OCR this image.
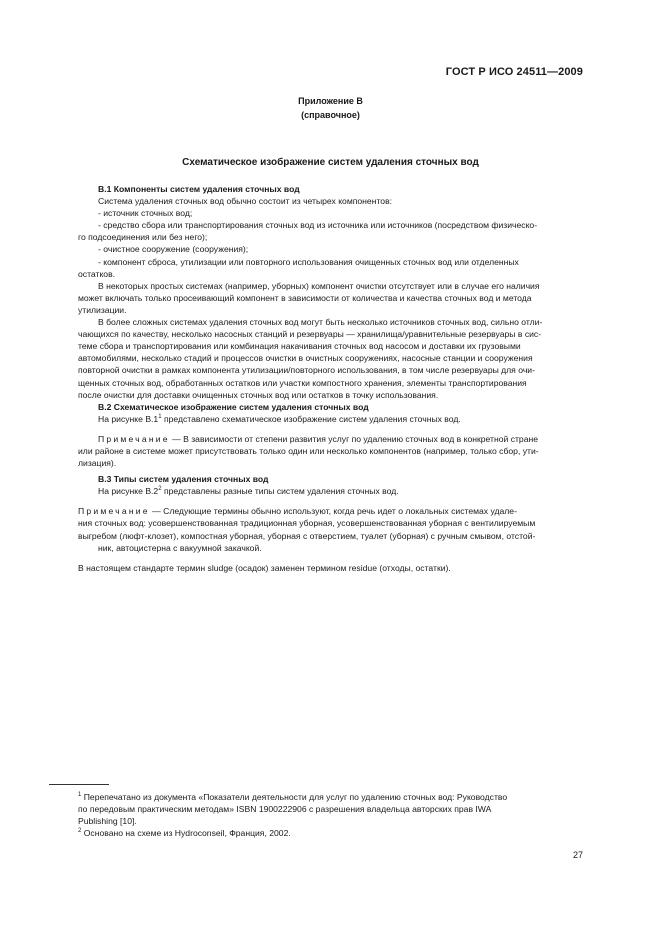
ГОСТ Р ИСО 24511—2009
Приложение В
(справочное)
Схематическое изображение систем удаления сточных вод

В.1 Компоненты систем удаления сточных вод

Система удаления сточных вод обычно состоит из четырех компонентов:

- источник сточных вод;

- средство сбора или транспортирования сточных вод из источника или источников (посредством физическо-

го подсоединения или без него);

- очистное сооружение (сооружения);

- компонент сброса, утилизации или повторного использования очищенных сточных вод или отделенных

остатков.

В некоторых простых системах (например, уборных) компонент очистки отсутствует или в случае его наличия

может включать только просеивающий компонент в зависимости от количества и качества сточных вод и метода

утилизации.

В более сложных системах удаления сточных вод могут быть несколько источников сточных вод, сильно отли-

чающихся по качеству, несколько насосных станций и резервуары — хранилища/уравнительные резервуары в сис-

теме сбора и транспортирования или комбинация накачивания сточных вод насосом и доставки их грузовыми

автомобилями, несколько стадий и процессов очистки в очистных сооружениях, насосные станции и сооружения

повторной очистки в рамках компонента утилизации/повторного использования, в том числе резервуары для очи-

щенных сточных вод, обработанных остатков или участки компостного хранения, элементы транспортирования

после очистки для доставки очищенных сточных вод или остатков в точку использования.

В.2 Схематическое изображение систем удаления сточных вод

На рисунке $В.1^1$ представлено схематическое изображение систем удаления сточных вод.

Примечание — В зависимости от степени развития услуг по удалению сточных вод в конкретной стране

или районе в системе может присутствовать только один или несколько компонентов (например, только сбор, ути-

лизация).

В.3 Типы систем удаления сточных вод

На рисунке $В.2^2$ представлены разные типы систем удаления сточных вод.

Примечание — Следующие термины обычно используют, когда речь идет о локальных системах удале-

ния сточных вод: усовершенствованная традиционная уборная, усовершенствованная уборная с вентилируемым

выгребом (люфт-клозет), компостная уборная, уборная с отверстием, туалет (уборная) с ручным смывом, отстой-

ник, автоцистерна с вакуумной закачкой.

В настоящем стандарте термин sludge (осадок) заменен термином residue (отходы, остатки).

$^1$ Перепечатано из документа «Показатели деятельности для услуг по удалению сточных вод: Руководство

по передовым практическим методам» ISBN 1900222906 с разрешения владельца авторских прав IWA

Publishing [10].

$^2$ Основано на схеме из Hydroconseil, Франция, 2002.

27
